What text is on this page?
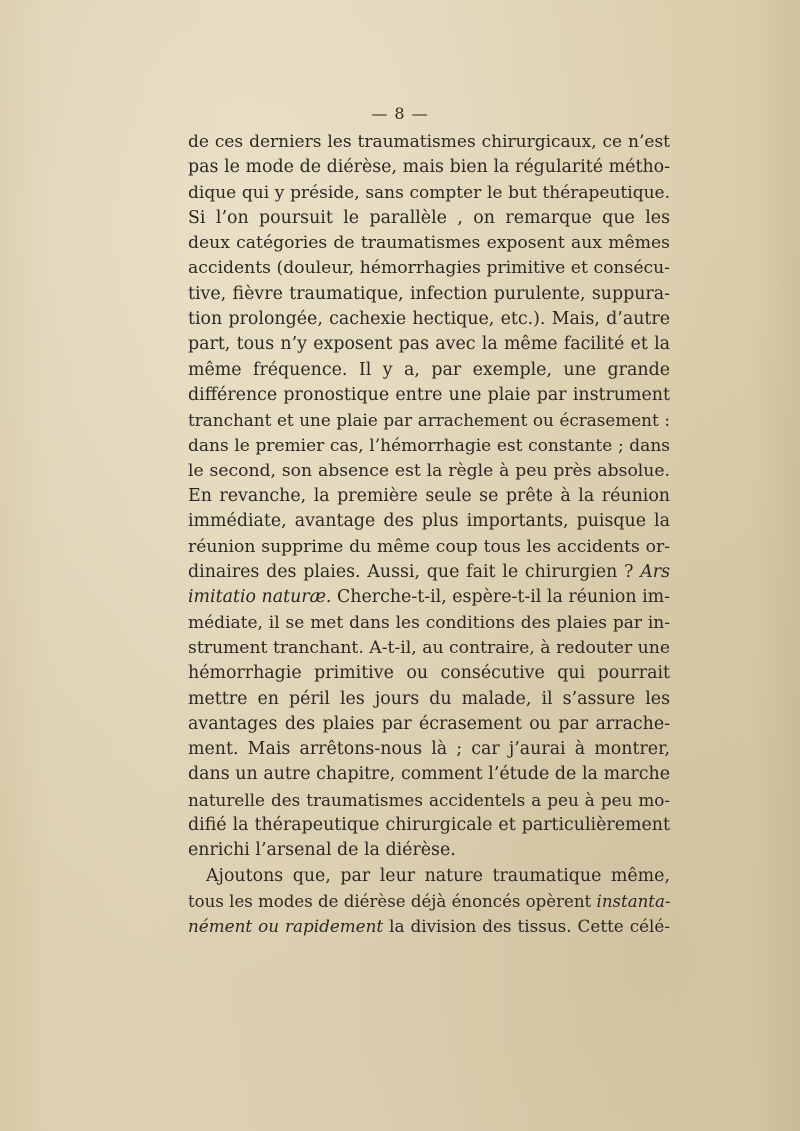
— 8 —
de ces derniers les traumatismes chirurgicaux, ce n’est
pas le mode de diérèse, mais bien la régularité métho-
dique qui y préside, sans compter le but thérapeutique.
Si l’on poursuit le parallèle , on remarque que les
deux catégories de traumatismes exposent aux mêmes
accidents (douleur, hémorrhagies primitive et consécu-
tive, fièvre traumatique, infection purulente, suppura-
tion prolongée, cachexie hectique, etc.). Mais, d’autre
part, tous n’y exposent pas avec la même facilité et la
même fréquence. Il y a, par exemple, une grande
différence pronostique entre une plaie par instrument
tranchant et une plaie par arrachement ou écrasement :
dans le premier cas, l’hémorrhagie est constante ; dans
le second, son absence est la règle à peu près absolue.
En revanche, la première seule se prête à la réunion
immédiate, avantage des plus importants, puisque la
réunion supprime du même coup tous les accidents or-
dinaires des plaies. Aussi, que fait le chirurgien ? Ars
imitatio naturæ. Cherche-t-il, espère-t-il la réunion im-
médiate, il se met dans les conditions des plaies par in-
strument tranchant. A-t-il, au contraire, à redouter une
hémorrhagie primitive ou consécutive qui pourrait
mettre en péril les jours du malade, il s’assure les
avantages des plaies par écrasement ou par arrache-
ment. Mais arrêtons-nous là ; car j’aurai à montrer,
dans un autre chapitre, comment l’étude de la marche
naturelle des traumatismes accidentels a peu à peu mo-
difié la thérapeutique chirurgicale et particulièrement
enrichi l’arsenal de la diérèse.
Ajoutons que, par leur nature traumatique même,
tous les modes de diérèse déjà énoncés opèrent instanta-
nément ou rapidement la division des tissus. Cette célé-
